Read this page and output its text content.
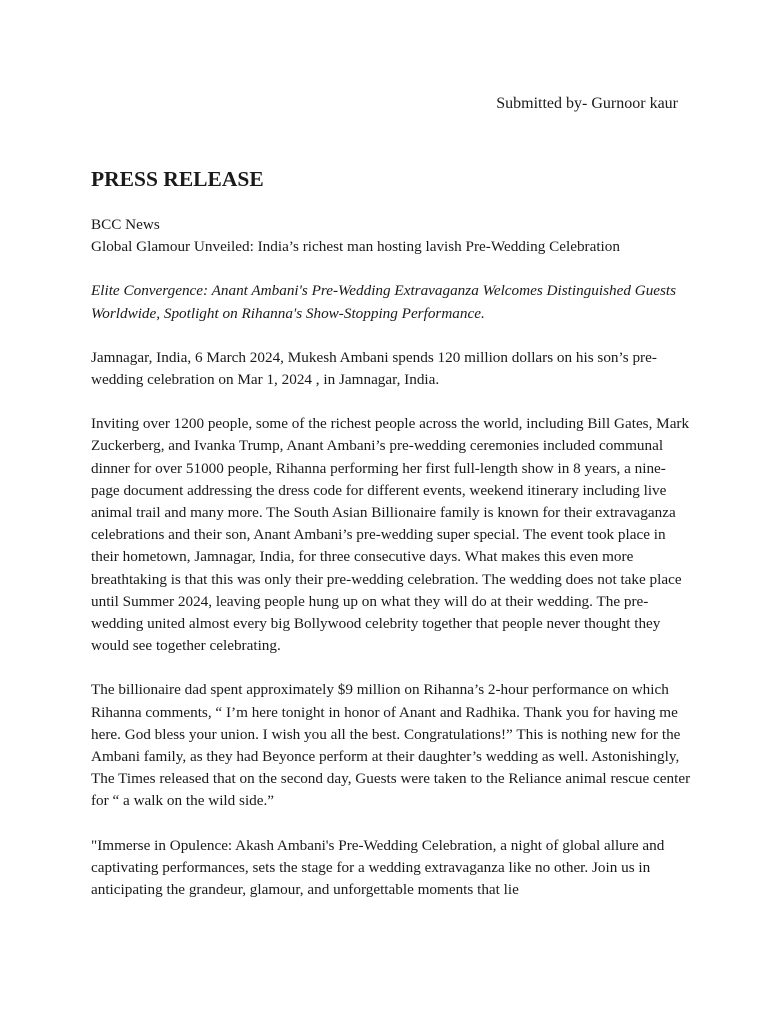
Submitted by- Gurnoor kaur
PRESS RELEASE

BCC News

Global Glamour Unveiled: India’s richest man hosting lavish Pre-Wedding Celebration

Elite Convergence: Anant Ambani's Pre-Wedding Extravaganza Welcomes Distinguished Guests Worldwide, Spotlight on Rihanna's Show-Stopping Performance.

Jamnagar, India, 6 March 2024, Mukesh Ambani spends 120 million dollars on his son’s pre-wedding celebration on Mar 1, 2024 , in Jamnagar, India.

Inviting over 1200 people, some of the richest people across the world, including Bill Gates, Mark Zuckerberg, and Ivanka Trump, Anant Ambani’s pre-wedding ceremonies included communal dinner for over 51000 people, Rihanna performing her first full-length show in 8 years, a nine-page document addressing the dress code for different events, weekend itinerary including live animal trail and many more. The South Asian Billionaire family is known for their extravaganza celebrations and their son, Anant Ambani’s pre-wedding super special. The event took place in their hometown, Jamnagar, India, for three consecutive days. What makes this even more breathtaking is that this was only their pre-wedding celebration. The wedding does not take place until Summer 2024, leaving people hung up on what they will do at their wedding. The pre-wedding united almost every big Bollywood celebrity together that people never thought they would see together celebrating.

The billionaire dad spent approximately $9 million on Rihanna’s 2-hour performance on which Rihanna comments, “ I’m here tonight in honor of Anant and Radhika. Thank you for having me here. God bless your union. I wish you all the best. Congratulations!” This is nothing new for the Ambani family, as they had Beyonce perform at their daughter’s wedding as well. Astonishingly, The Times released that on the second day, Guests were taken to the Reliance animal rescue center for “ a walk on the wild side.”

"Immerse in Opulence: Akash Ambani's Pre-Wedding Celebration, a night of global allure and captivating performances, sets the stage for a wedding extravaganza like no other. Join us in anticipating the grandeur, glamour, and unforgettable moments that lie
